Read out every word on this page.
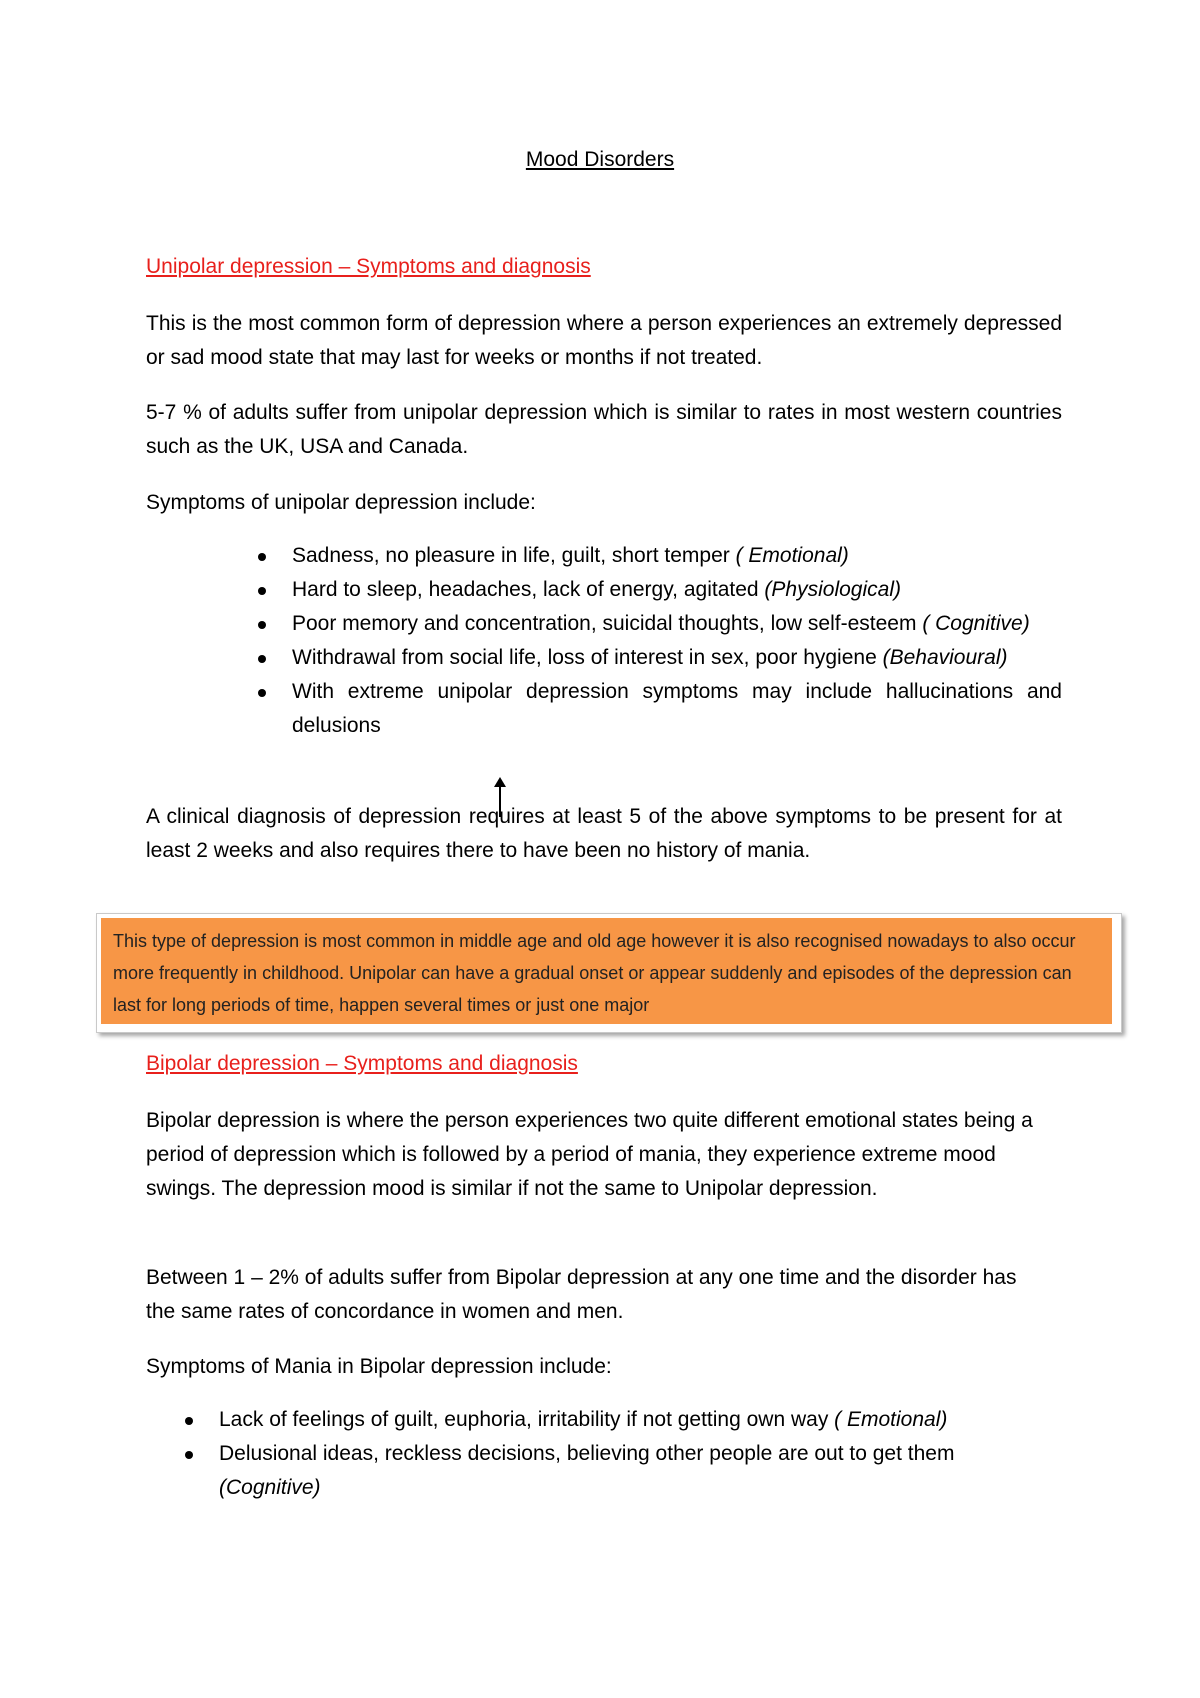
Mood Disorders
Unipolar depression – Symptoms and diagnosis
This is the most common form of depression where a person experiences an extremely depressed or sad mood state that may last for weeks or months if not treated.
5-7 % of adults suffer from unipolar depression which is similar to rates in most western countries such as the UK, USA and Canada.
Symptoms of unipolar depression include:
Sadness, no pleasure in life, guilt, short temper ( Emotional)
Hard to sleep, headaches, lack of energy, agitated (Physiological)
Poor memory and concentration, suicidal thoughts, low self-esteem ( Cognitive)
Withdrawal from social life, loss of interest in sex, poor hygiene (Behavioural)
With extreme unipolar depression symptoms may include hallucinations and delusions
A clinical diagnosis of depression requires at least 5 of the above symptoms to be present for at least 2 weeks and also requires there to have been no history of mania.
This type of depression is most common in middle age and old age however it is also recognised nowadays to also occur more frequently in childhood. Unipolar can have a gradual onset or appear suddenly and episodes of the depression can last for long periods of time, happen several times or just one major
Bipolar depression – Symptoms and diagnosis
Bipolar depression is where the person experiences two quite different emotional states being a period of depression which is followed by a period of mania, they experience extreme mood swings. The depression mood is similar if not the same to Unipolar depression.
Between 1 – 2% of adults suffer from Bipolar depression at any one time and the disorder has the same rates of concordance in women and men.
Symptoms of Mania in Bipolar depression include:
Lack of feelings of guilt, euphoria, irritability if not getting own way ( Emotional)
Delusional ideas, reckless decisions, believing other people are out to get them (Cognitive)
